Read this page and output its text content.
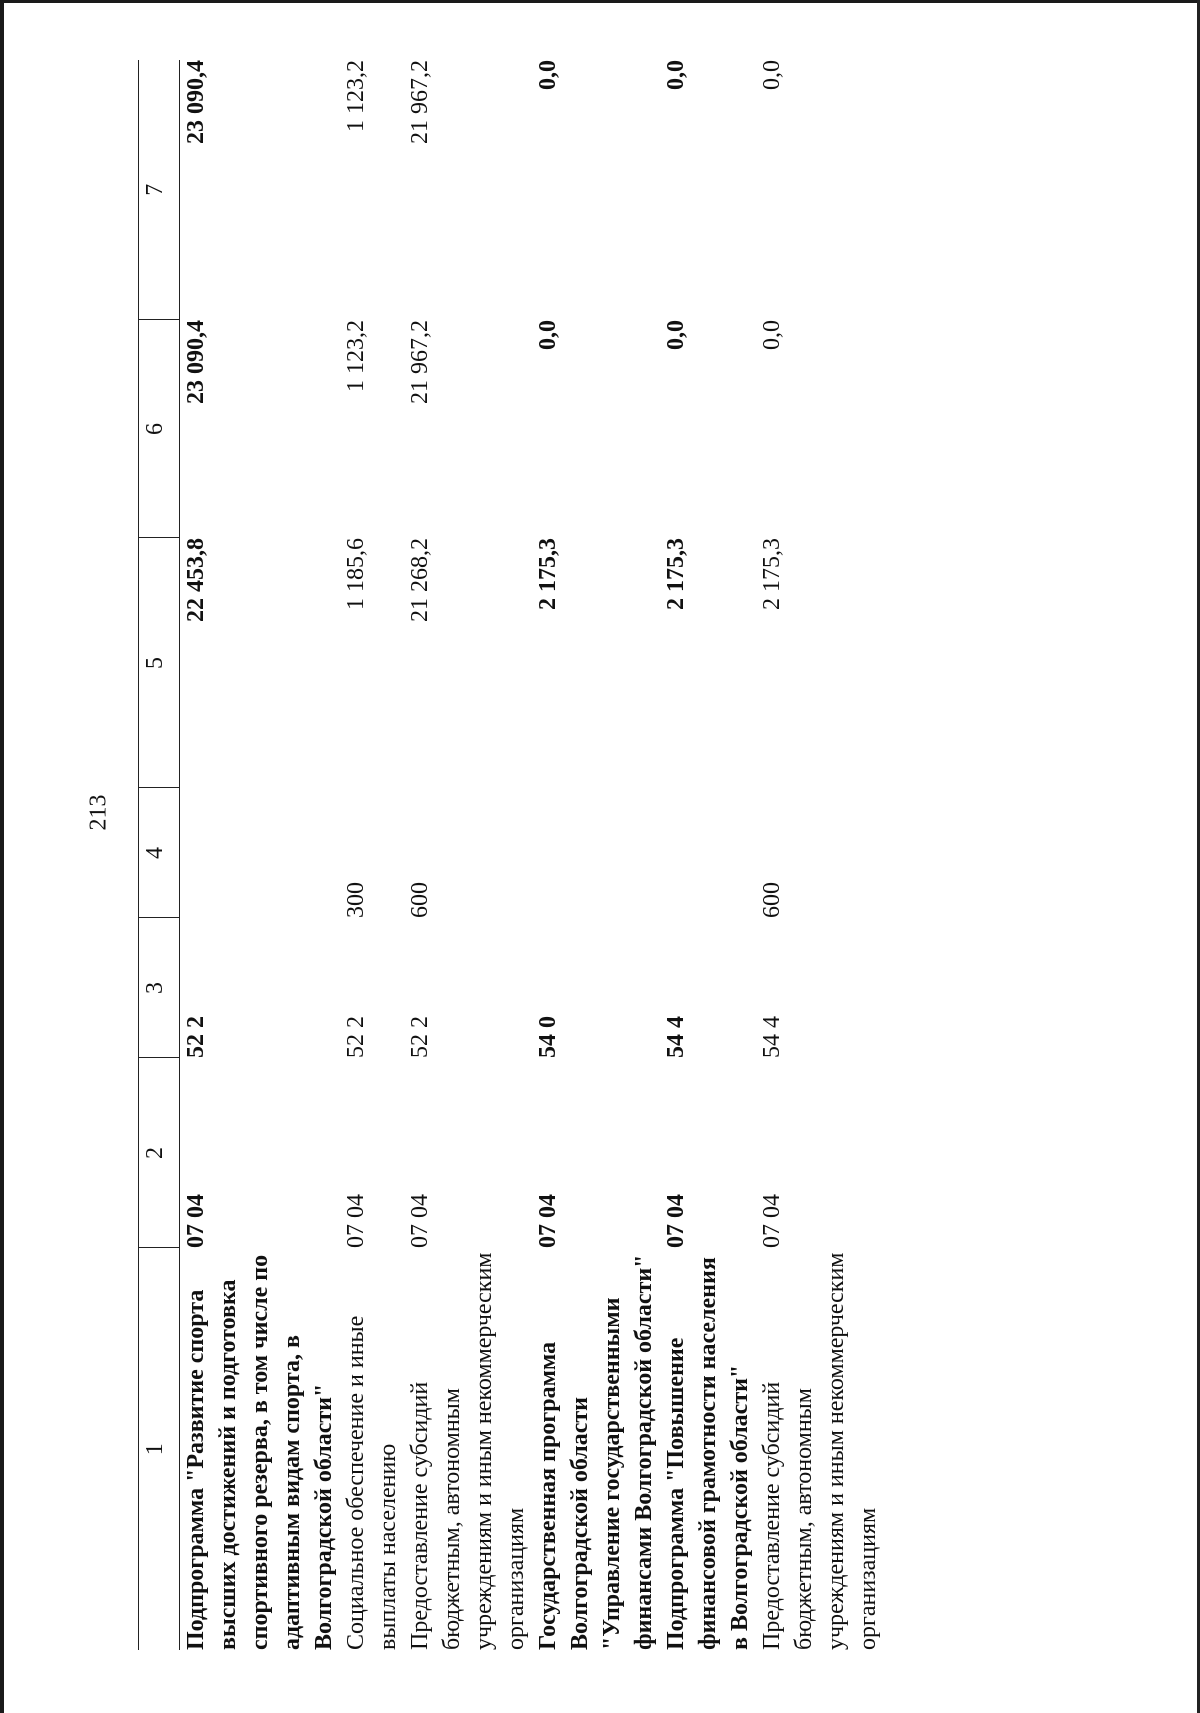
213
1	2	3	4	5	6	7
Подпрограмма "Развитие спорта высших достижений и подготовка спортивного резерва, в том числе по адаптивным видам спорта, в Волгоградской области"	07 04	52 2		22 453,8	23 090,4	23 090,4
Социальное обеспечение и иные выплаты населению	07 04	52 2	300	1 185,6	1 123,2	1 123,2
Предоставление субсидий бюджетным, автономным учреждениям и иным некоммерческим организациям	07 04	52 2	600	21 268,2	21 967,2	21 967,2
Государственная программа Волгоградской области "Управление государственными финансами Волгоградской области"	07 04	54 0		2 175,3	0,0	0,0
Подпрограмма "Повышение финансовой грамотности населения в Волгоградской области"	07 04	54 4		2 175,3	0,0	0,0
Предоставление субсидий бюджетным, автономным учреждениям и иным некоммерческим организациям	07 04	54 4	600	2 175,3	0,0	0,0
